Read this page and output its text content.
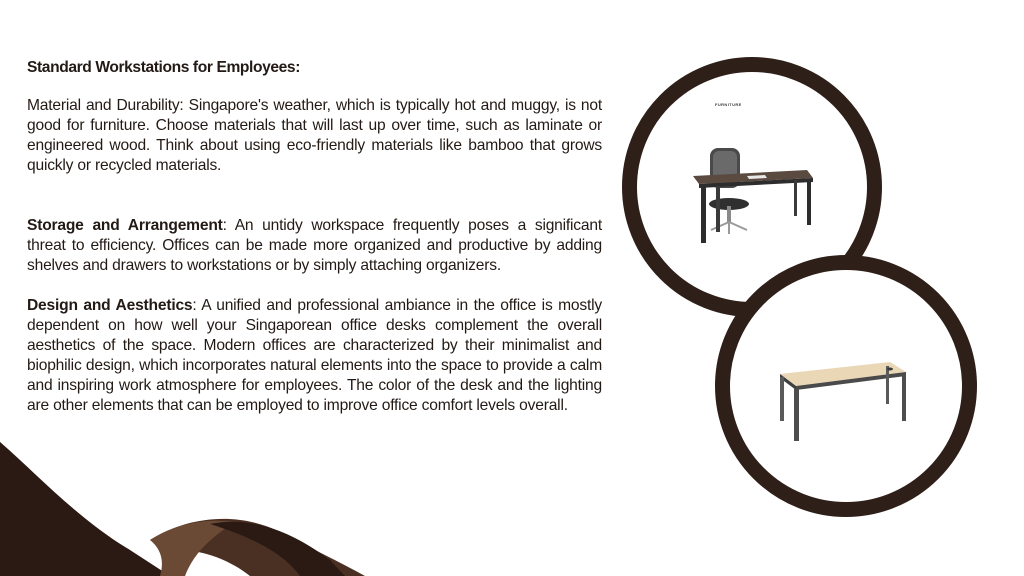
Standard Workstations for Employees:

Material and Durability: Singapore's weather, which is typically hot and muggy, is not good for furniture. Choose materials that will last up over time, such as laminate or engineered wood. Think about using eco-friendly materials like bamboo that grows quickly or recycled materials.

Storage and Arrangement: An untidy workspace frequently poses a significant threat to efficiency. Offices can be made more organized and productive by adding shelves and drawers to workstations or by simply attaching organizers.

Design and Aesthetics: A unified and professional ambiance in the office is mostly dependent on how well your Singaporean office desks complement the overall aesthetics of the space. Modern offices are characterized by their minimalist and biophilic design, which incorporates natural elements into the space to provide a calm and inspiring work atmosphere for employees. The color of the desk and the lighting are other elements that can be employed to improve office comfort levels overall.

FURNITURE
